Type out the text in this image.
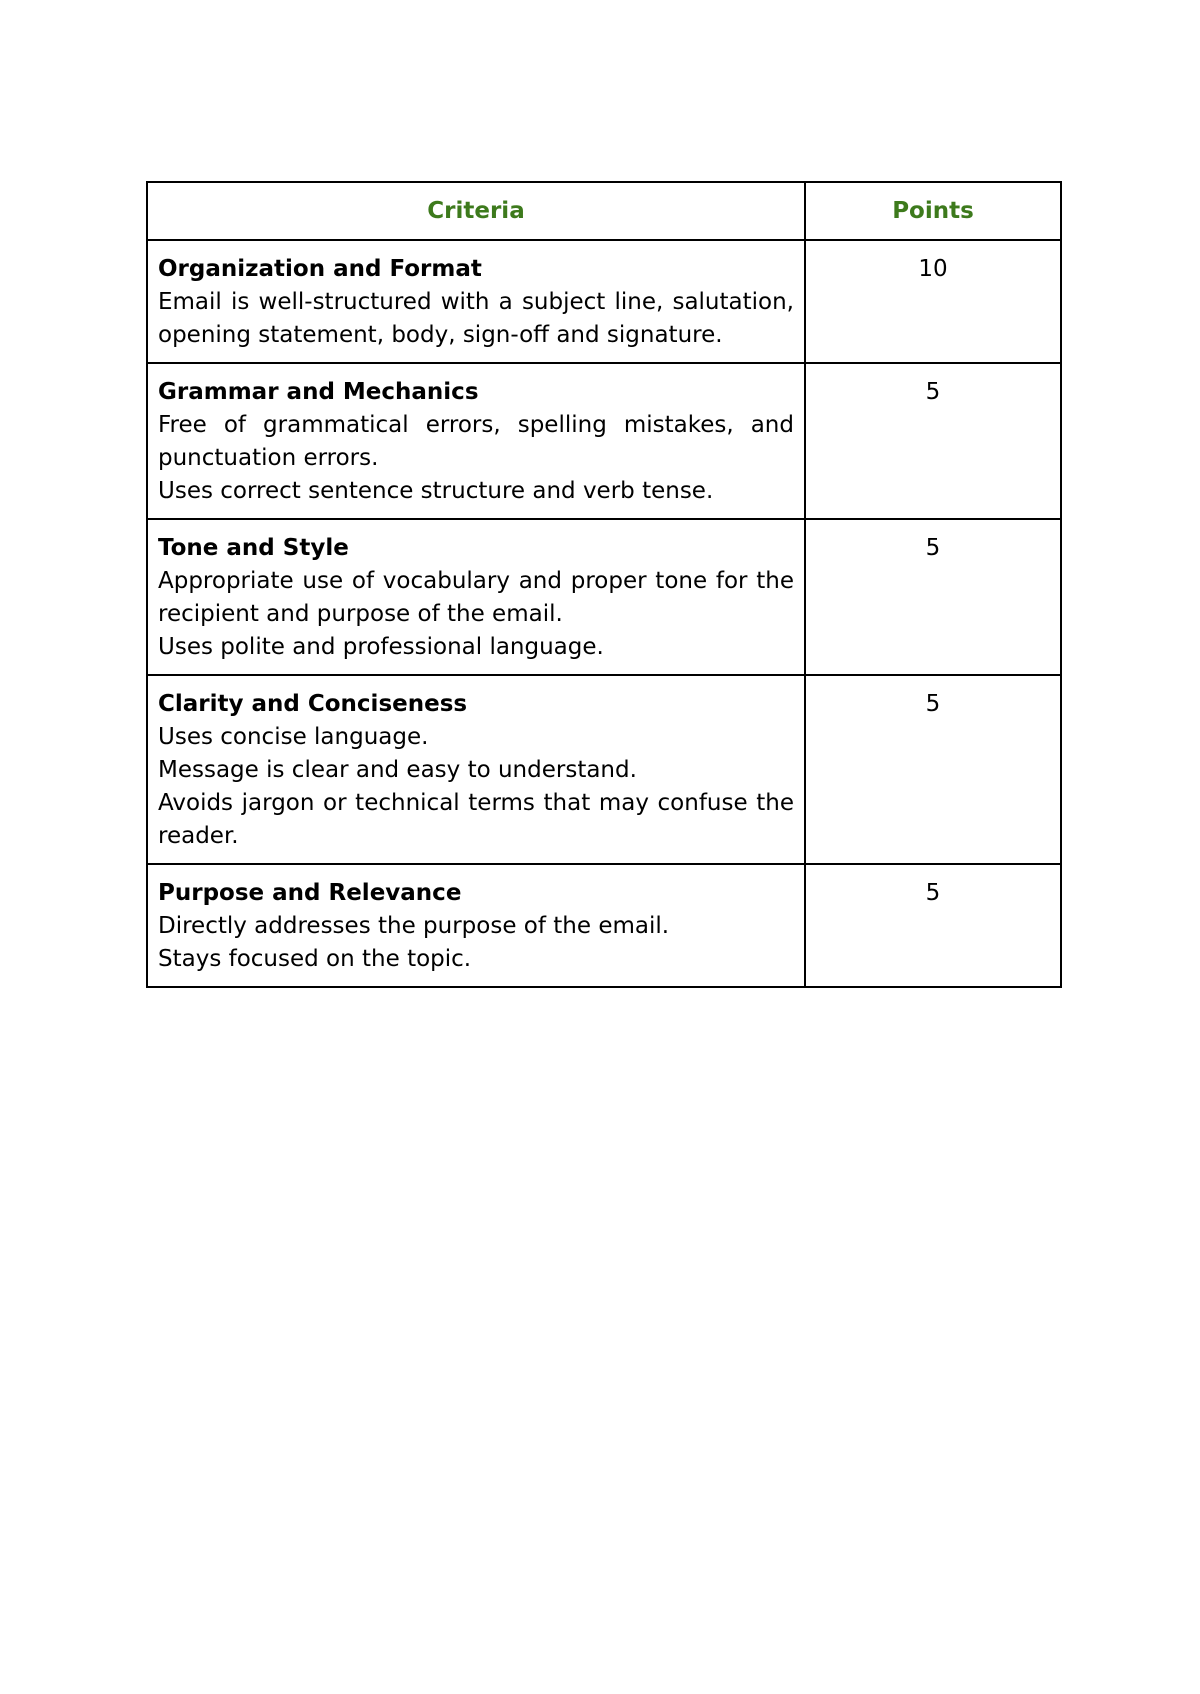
Criteria	Points

Organization and Format
Email is well-structured with a subject line, salutation, opening statement, body, sign-off and signature.	10

Grammar and Mechanics
Free of grammatical errors, spelling mistakes, and punctuation errors.
Uses correct sentence structure and verb tense.	5

Tone and Style
Appropriate use of vocabulary and proper tone for the recipient and purpose of the email.
Uses polite and professional language.	5

Clarity and Conciseness
Uses concise language.
Message is clear and easy to understand.
Avoids jargon or technical terms that may confuse the reader.	5

Purpose and Relevance
Directly addresses the purpose of the email.
Stays focused on the topic.	5
